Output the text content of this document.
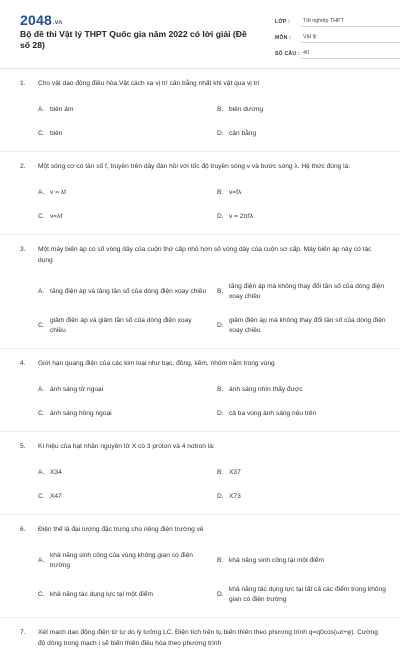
2048.vn
Bộ đề thi Vật lý THPT Quốc gia năm 2022 có lời giải (Đề số 28)
LỚP :	Tốt nghiệp THPT
MÔN :	Vật lý
SỐ CÂU : 40
1.	Cho vật dao động điều hòa.Vật cách xa vị trí cân bằng nhất khi vật qua vị trí
A. biên âm	B. biên dương
C. biên	D. cân bằng
2.	Một sóng cơ có tần số f, truyền trên dây đàn hồi với tốc độ truyền sóng v và bước sóng λ. Hệ thức đúng là:
A. v = λf	B. v=fλ
C. v=λf	D. v = 2πfλ
3.	Một máy biến áp có số vòng dây của cuộn thứ cấp nhỏ hơn số vòng dây của cuộn sơ cấp. Máy biến áp này có tác dụng
A. tăng điện áp và tăng tần số của dòng điện xoay chiều B.
tăng điện áp mà không thay đổi tần số của dòng điện xoay chiều
C.
giảm điện áp và giảm tần số của dòng điện xoay chiều
D.
giảm điện áp mà không thay đổi tần số của dòng điện xoay chiều
4.	Giới hạn quang điện của các kim loại như bạc, đồng, kẽm, nhôm nằm trong vùng
A. ánh sáng tử ngoại	B. ánh sáng nhìn thấy được
C. ánh sáng hồng ngoại	D. cả ba vùng ánh sáng nêu trên
5.	Kí hiệu của hạt nhân nguyên tử X có 3 proton và 4 notron là:
A. X34	B. X37
C. X47	D. X73
6.	Điện thế là đại lượng đặc trưng cho riêng điện trường về
A.
khả năng sinh công của vùng không gian có điện trường
B. khả năng sinh công tại một điểm
C. khả năng tác dụng lực tại một điểm	D.
khả năng tác dụng lực tại tất cả các điểm trong không gian có điện trường
7.	Xét mạch dao động điện từ tự do lý tưởng LC. Điện tích trên tụ biến thiên theo phương trình q=q0cos(ωt+φ). Cường độ dòng trong mạch i sẽ biến thiên điều hòa theo phương trình
